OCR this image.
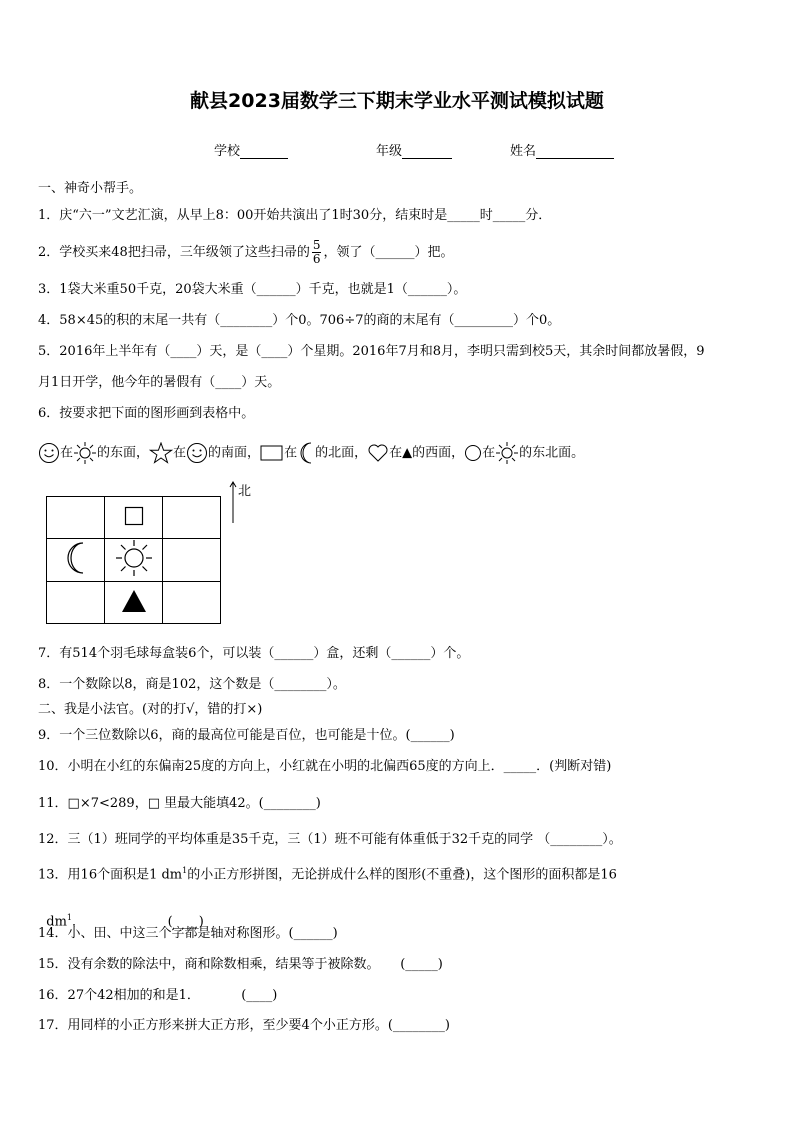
献县2023届数学三下期末学业水平测试模拟试题
学校	年级	姓名
一、神奇小帮手。
1．庆“六一”文艺汇演，从早上8：00开始共演出了1时30分，结束时是_____时_____分．
2．学校买来48把扫帚，三年级领了这些扫帚的 $\frac{5}{6}$ ，领了（______）把。
3．1袋大米重50千克，20袋大米重（______）千克，也就是1（______）。
4．58×45的积的末尾一共有（________）个0。706÷7的商的末尾有（_________）个0。
5．2016年上半年有（____）天，是（____）个星期。2016年7月和8月，李明只需到校5天，其余时间都放暑假，9
月1日开学，他今年的暑假有（____）天。
6．按要求把下面的图形画到表格中。
在 的东面， 在 的南面， 在 的北面， 在▲的西面， 在 的东北面。

北
7．有514个羽毛球每盒装6个，可以装（______）盒，还剩（______）个。
8．一个数除以8，商是102，这个数是（________）。
二、我是小法官。(对的打√，错的打×)
9．一个三位数除以6，商的最高位可能是百位，也可能是十位。(______)
10．小明在小红的东偏南25度的方向上，小红就在小明的北偏西65度的方向上．_____．(判断对错)
11．□×7<289，□ 里最大能填42。(________)
12．三（1）班同学的平均体重是35千克，三（1）班不可能有体重低于32千克的同学 （________）。
13．用16个面积是1 $dm^1$的小正方形拼图，无论拼成什么样的图形(不重叠)，这个图形的面积都是16

$dm^1$．                    (____)

14．小、田、中这三个字都是轴对称图形。(______)
15．没有余数的除法中，商和除数相乘，结果等于被除数。     (_____)
16．27个42相加的和是1．          (____)
17．用同样的小正方形来拼大正方形，至少要4个小正方形。(________)
